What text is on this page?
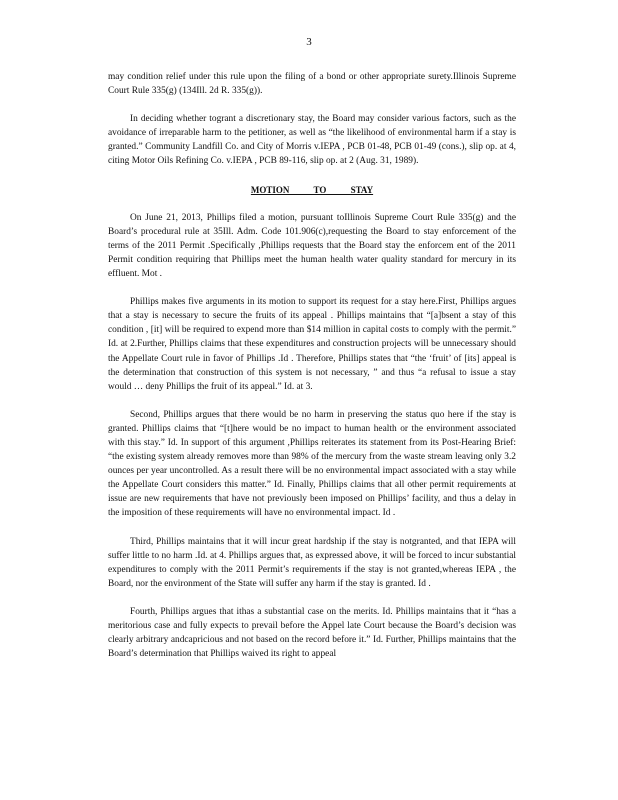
3

may condition relief under this rule upon the filing of a bond or other appropriate surety.Illinois Supreme Court Rule 335(g) (134Ill. 2d R. 335(g)).

In deciding whether togrant a discretionary stay, the Board may consider various factors, such as the avoidance of irreparable harm to the petitioner, as well as “the likelihood of environmental harm if a stay is granted.” Community Landfill Co. and City of Morris v.IEPA , PCB 01-48, PCB 01-49 (cons.), slip op. at 4, citing Motor Oils Refining Co. v.IEPA , PCB 89-116, slip op. at 2 (Aug. 31, 1989).

MOTION TO STAY

On June 21, 2013, Phillips filed a motion, pursuant toIllinois Supreme Court Rule 335(g) and the Board’s procedural rule at 35Ill. Adm. Code 101.906(c),requesting the Board to stay enforcement of the terms of the 2011 Permit .Specifically ,Phillips requests that the Board stay the enforcem ent of the 2011 Permit condition requiring that Phillips meet the human health water quality standard for mercury in its effluent. Mot .

Phillips makes five arguments in its motion to support its request for a stay here.First, Phillips argues that a stay is necessary to secure the fruits of its appeal . Phillips maintains that “[a]bsent a stay of this condition , [it] will be required to expend more than $14 million in capital costs to comply with the permit.” Id. at 2.Further, Phillips claims that these expenditures and construction projects will be unnecessary should the Appellate Court rule in favor of Phillips .Id . Therefore, Phillips states that “the ‘fruit’ of [its] appeal is the determination that construction of this system is not necessary, ” and thus “a refusal to issue a stay would … deny Phillips the fruit of its appeal.” Id. at 3.

Second, Phillips argues that there would be no harm in preserving the status quo here if the stay is granted. Phillips claims that “[t]here would be no impact to human health or the environment associated with this stay.” Id. In support of this argument ,Phillips reiterates its statement from its Post-Hearing Brief: “the existing system already removes more than 98% of the mercury from the waste stream leaving only 3.2 ounces per year uncontrolled. As a result there will be no environmental impact associated with a stay while the Appellate Court considers this matter.” Id. Finally, Phillips claims that all other permit requirements at issue are new requirements that have not previously been imposed on Phillips’ facility, and thus a delay in the imposition of these requirements will have no environmental impact. Id .

Third, Phillips maintains that it will incur great hardship if the stay is notgranted, and that IEPA will suffer little to no harm .Id. at 4. Phillips argues that, as expressed above, it will be forced to incur substantial expenditures to comply with the 2011 Permit’s requirements if the stay is not granted,whereas IEPA , the Board, nor the environment of the State will suffer any harm if the stay is granted. Id .

Fourth, Phillips argues that ithas a substantial case on the merits. Id. Phillips maintains that it “has a meritorious case and fully expects to prevail before the Appel late Court because the Board’s decision was clearly arbitrary andcapricious and not based on the record before it.” Id. Further, Phillips maintains that the Board’s determination that Phillips waived its right to appeal
